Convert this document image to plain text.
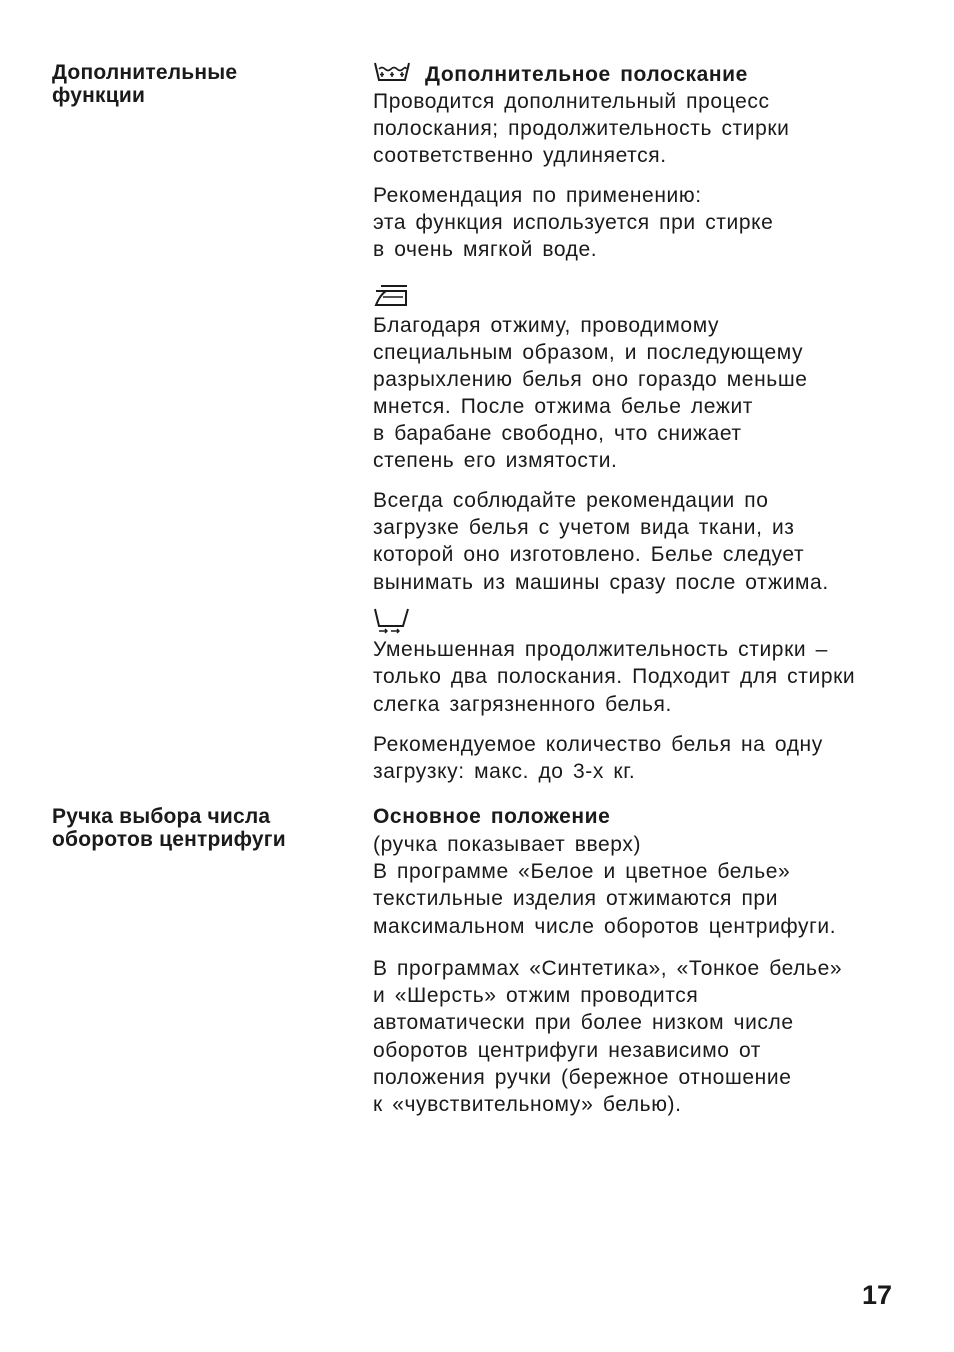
Дополнительные
функции
Дополнительное полоскание
Проводится дополнительный процесс
полоскания; продолжительность стирки
соответственно удлиняется.
Рекомендация по применению:
эта функция используется при стирке
в очень мягкой воде.
Благодаря отжиму, проводимому
специальным образом, и последующему
разрыхлению белья оно гораздо меньше
мнется. После отжима белье лежит
в барабане свободно, что снижает
степень его измятости.
Всегда соблюдайте рекомендации по
загрузке белья с учетом вида ткани, из
которой оно изготовлено. Белье следует
вынимать из машины сразу после отжима.
Уменьшенная продолжительность стирки –
только два полоскания. Подходит для стирки
слегка загрязненного белья.
Рекомендуемое количество белья на одну
загрузку: макс. до 3-х кг.
Ручка выбора числа
оборотов центрифуги
Основное положение
(ручка показывает вверх)
В программе «Белое и цветное белье»
текстильные изделия отжимаются при
максимальном числе оборотов центрифуги.
В программах «Синтетика», «Тонкое белье»
и «Шерсть» отжим проводится
автоматически при более низком числе
оборотов центрифуги независимо от
положения ручки (бережное отношение
к «чувствительному» белью).
17
